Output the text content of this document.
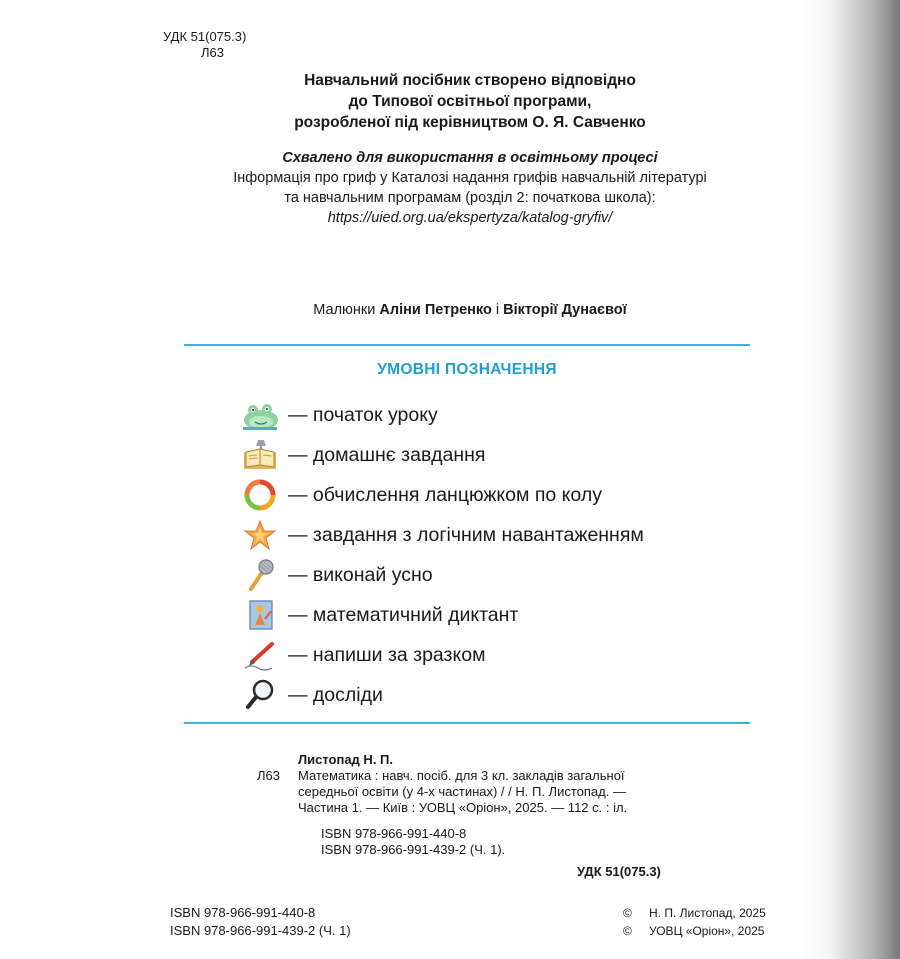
УДК 51(075.3)
Л63
Навчальний посібник створено відповідно
до Типової освітньої програми,
розробленої під керівництвом О. Я. Савченко
Схвалено для використання в освітньому процесі
Інформація про гриф у Каталозі надання грифів навчальній літературі
та навчальним програмам (розділ 2: початкова школа):
https://uied.org.ua/ekspertyza/katalog-gryfiv/
Малюнки Аліни Петренко і Вікторії Дунаєвої
УМОВНІ ПОЗНАЧЕННЯ
— початок уроку
— домашнє завдання
— обчислення ланцюжком по колу
— завдання з логічним навантаженням
— виконай усно
— математичний диктант
— напиши за зразком
— досліди
Листопад Н. П.
Л63	Математика : навч. посіб. для 3 кл. закладів загальної середньої освіти (у 4-х частинах) / / Н. П. Листопад. — Частина 1. — Київ : УОВЦ «Оріон», 2025. — 112 с. : іл.
ISBN 978-966-991-440-8
ISBN 978-966-991-439-2 (Ч. 1).
УДК 51(075.3)
ISBN 978-966-991-440-8
ISBN 978-966-991-439-2 (Ч. 1)
© Н. П. Листопад, 2025
© УОВЦ «Оріон», 2025
